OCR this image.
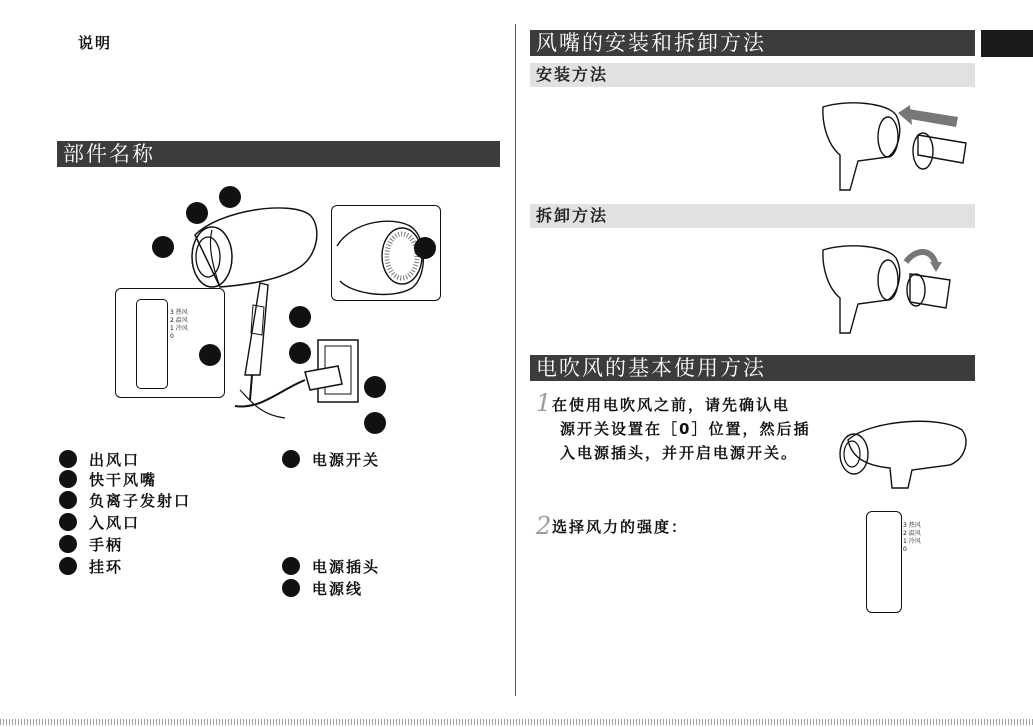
说明
部件名称
3 热风
2 温风
1 冷风
0
出风口
快干风嘴
负离子发射口
入风口
手柄
挂环
电源开关
电源插头
电源线
风嘴的安装和拆卸方法
安装方法
拆卸方法
电吹风的基本使用方法
1 在使用电吹风之前，请先确认电
源开关设置在［0］位置，然后插
入电源插头，并开启电源开关。
2 选择风力的强度：	3 热风
2 温风
1 冷风
0
